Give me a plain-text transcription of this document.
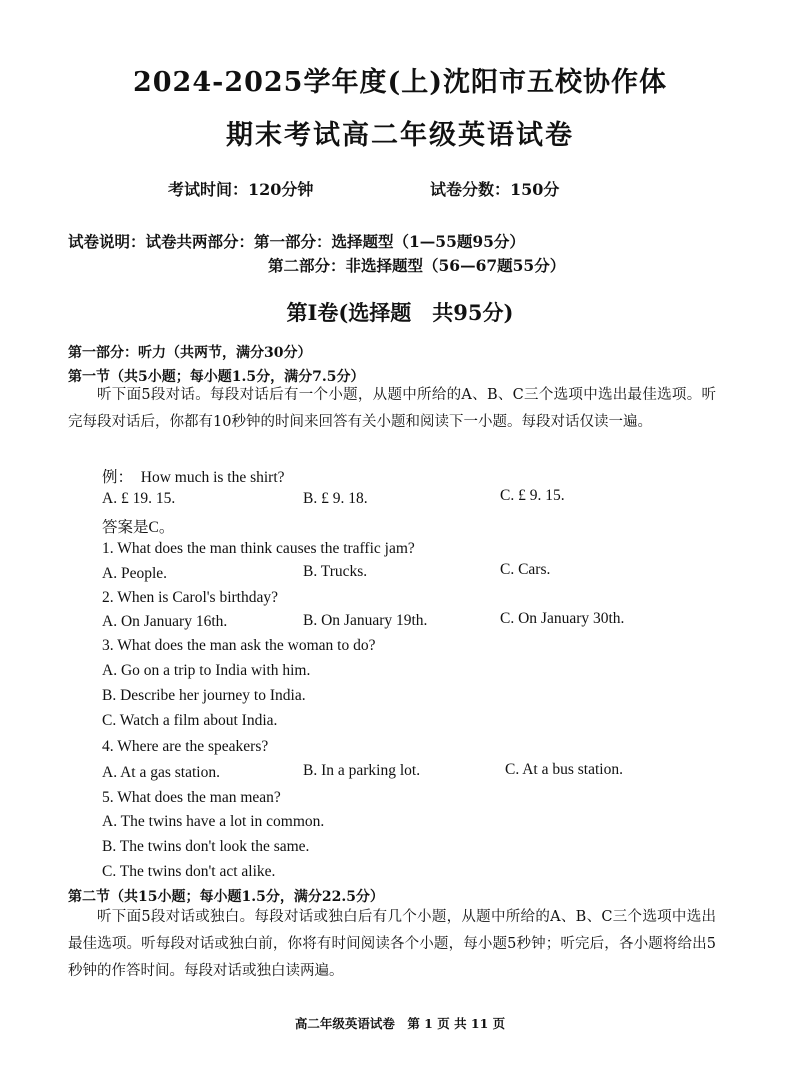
2024-2025学年度(上)沈阳市五校协作体
期末考试高二年级英语试卷
考试时间：120分钟	试卷分数：150分
试卷说明：试卷共两部分：第一部分：选择题型（1—55题95分）
第二部分：非选择题型（56—67题55分）
第Ⅰ卷(选择题　共95分)
第一部分：听力（共两节，满分30分）
第一节（共5小题；每小题1.5分，满分7.5分）
听下面5段对话。每段对话后有一个小题，从题中所给的A、B、C三个选项中选出最佳选项。听完每段对话后，你都有10秒钟的时间来回答有关小题和阅读下一小题。每段对话仅读一遍。
例：　How much is the shirt?
A. £ 19. 15.	B. £ 9. 18.	C. £ 9. 15.
答案是C。
1. What does the man think causes the traffic jam?
A. People.	B. Trucks.	C. Cars.
2. When is Carol's birthday?
A. On January 16th.	B. On January 19th.	C. On January 30th.
3. What does the man ask the woman to do?
A. Go on a trip to India with him.
B. Describe her journey to India.
C. Watch a film about India.
4. Where are the speakers?
A. At a gas station.	B. In a parking lot.	C. At a bus station.
5. What does the man mean?
A. The twins have a lot in common.
B. The twins don't look the same.
C. The twins don't act alike.
第二节（共15小题；每小题1.5分，满分22.5分）
听下面5段对话或独白。每段对话或独白后有几个小题，从题中所给的A、B、C三个选项中选出最佳选项。听每段对话或独白前，你将有时间阅读各个小题，每小题5秒钟；听完后，各小题将给出5秒钟的作答时间。每段对话或独白读两遍。
高二年级英语试卷　第 1 页 共 11 页
